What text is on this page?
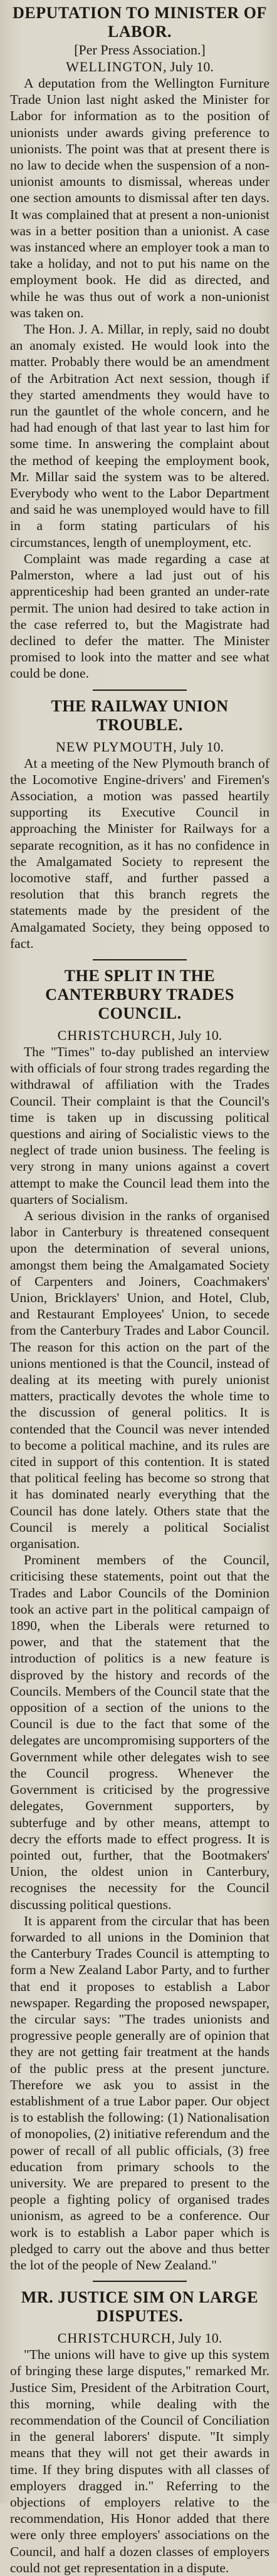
DEPUTATION TO MINISTER OF LABOR.
[Per Press Association.]
WELLINGTON, July 10.

A deputation from the Wellington Furniture Trade Union last night asked the Minister for Labor for information as to the position of unionists under awards giving preference to unionists. The point was that at present there is no law to decide when the suspension of a non-unionist amounts to dismissal, whereas under one section amounts to dismissal after ten days. It was complained that at present a non-unionist was in a better position than a unionist. A case was instanced where an employer took a man to take a holiday, and not to put his name on the employment book. He did as directed, and while he was thus out of work a non-unionist was taken on.

The Hon. J. A. Millar, in reply, said no doubt an anomaly existed. He would look into the matter. Probably there would be an amendment of the Arbitration Act next session, though if they started amendments they would have to run the gauntlet of the whole concern, and he had had enough of that last year to last him for some time. In answering the complaint about the method of keeping the employment book, Mr. Millar said the system was to be altered. Everybody who went to the Labor Department and said he was unemployed would have to fill in a form stating particulars of his circumstances, length of unemployment, etc.

Complaint was made regarding a case at Palmerston, where a lad just out of his apprenticeship had been granted an under-rate permit. The union had desired to take action in the case referred to, but the Magistrate had declined to defer the matter. The Minister promised to look into the matter and see what could be done.

THE RAILWAY UNION TROUBLE.
NEW PLYMOUTH, July 10.

At a meeting of the New Plymouth branch of the Locomotive Engine-drivers' and Firemen's Association, a motion was passed heartily supporting its Executive Council in approaching the Minister for Railways for a separate recognition, as it has no confidence in the Amalgamated Society to represent the locomotive staff, and further passed a resolution that this branch regrets the statements made by the president of the Amalgamated Society, they being opposed to fact.

THE SPLIT IN THE CANTERBURY TRADES COUNCIL.
CHRISTCHURCH, July 10.

The "Times" to-day published an interview with officials of four strong trades regarding the withdrawal of affiliation with the Trades Council. Their complaint is that the Council's time is taken up in discussing political questions and airing of Socialistic views to the neglect of trade union business. The feeling is very strong in many unions against a covert attempt to make the Council lead them into the quarters of Socialism.

A serious division in the ranks of organised labor in Canterbury is threatened consequent upon the determination of several unions, amongst them being the Amalgamated Society of Carpenters and Joiners, Coachmakers' Union, Bricklayers' Union, and Hotel, Club, and Restaurant Employees' Union, to secede from the Canterbury Trades and Labor Council. The reason for this action on the part of the unions mentioned is that the Council, instead of dealing at its meeting with purely unionist matters, practically devotes the whole time to the discussion of general politics. It is contended that the Council was never intended to become a political machine, and its rules are cited in support of this contention. It is stated that political feeling has become so strong that it has dominated nearly everything that the Council has done lately. Others state that the Council is merely a political Socialist organisation.

Prominent members of the Council, criticising these statements, point out that the Trades and Labor Councils of the Dominion took an active part in the political campaign of 1890, when the Liberals were returned to power, and that the statement that the introduction of politics is a new feature is disproved by the history and records of the Councils. Members of the Council state that the opposition of a section of the unions to the Council is due to the fact that some of the delegates are uncompromising supporters of the Government while other delegates wish to see the Council progress. Whenever the Government is criticised by the progressive delegates, Government supporters, by subterfuge and by other means, attempt to decry the efforts made to effect progress. It is pointed out, further, that the Bootmakers' Union, the oldest union in Canterbury, recognises the necessity for the Council discussing political questions.

It is apparent from the circular that has been forwarded to all unions in the Dominion that the Canterbury Trades Council is attempting to form a New Zealand Labor Party, and to further that end it proposes to establish a Labor newspaper. Regarding the proposed newspaper, the circular says: "The trades unionists and progressive people generally are of opinion that they are not getting fair treatment at the hands of the public press at the present juncture. Therefore we ask you to assist in the establishment of a true Labor paper. Our object is to establish the following: (1) Nationalisation of monopolies, (2) initiative referendum and the power of recall of all public officials, (3) free education from primary schools to the university. We are prepared to present to the people a fighting policy of organised trades unionism, as agreed to be a conference. Our work is to establish a Labor paper which is pledged to carry out the above and thus better the lot of the people of New Zealand."

MR. JUSTICE SIM ON LARGE DISPUTES.
CHRISTCHURCH, July 10.

"The unions will have to give up this system of bringing these large disputes," remarked Mr. Justice Sim, President of the Arbitration Court, this morning, while dealing with the recommendation of the Council of Conciliation in the general laborers' dispute. "It simply means that they will not get their awards in time. If they bring disputes with all classes of employers dragged in." Referring to the objections of employers relative to the recommendation, His Honor added that there were only three employers' associations on the Council, and half a dozen classes of employers could not get representation in a dispute.
